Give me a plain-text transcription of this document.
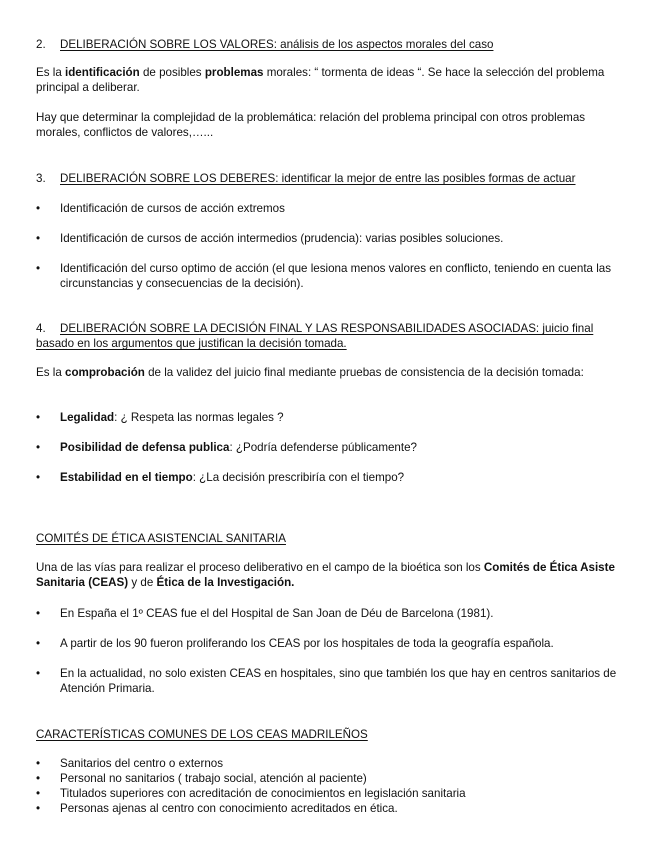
2. DELIBERACIÓN SOBRE LOS VALORES: análisis de los aspectos morales del caso

Es la identificación de posibles problemas morales: “ tormenta de ideas “. Se hace la selección del problema principal a deliberar.

Hay que determinar la complejidad de la problemática: relación del problema principal con otros problemas morales, conflictos de valores,…...

3. DELIBERACIÓN SOBRE LOS DEBERES: identificar la mejor de entre las posibles formas de actuar
•	Identificación de cursos de acción extremos
•	Identificación de cursos de acción intermedios (prudencia): varias posibles soluciones.
•	Identificación del curso optimo de acción (el que lesiona menos valores en conflicto, teniendo en cuenta las circunstancias y consecuencias de la decisión).
4. DELIBERACIÓN SOBRE LA DECISIÓN FINAL Y LAS RESPONSABILIDADES ASOCIADAS: juicio final basado en los argumentos que justifican la decisión tomada.

Es la comprobación de la validez del juicio final mediante pruebas de consistencia de la decisión tomada:

•	Legalidad: ¿ Respeta las normas legales ?
•	Posibilidad de defensa publica: ¿Podría defenderse públicamente?
•	Estabilidad en el tiempo: ¿La decisión prescribiría con el tiempo?
COMITÉS DE ÉTICA ASISTENCIAL SANITARIA

Una de las vías para realizar el proceso deliberativo en el campo de la bioética son los Comités de Ética Asiste Sanitaria (CEAS) y de Ética de la Investigación.

•	En España el 1º CEAS fue el del Hospital de San Joan de Déu de Barcelona (1981).
•	A partir de los 90 fueron proliferando los CEAS por los hospitales de toda la geografía española.
•	En la actualidad, no solo existen CEAS en hospitales, sino que también los que hay en centros sanitarios de Atención Primaria.
CARACTERÍSTICAS COMUNES DE LOS CEAS MADRILEÑOS
•	Sanitarios del centro o externos
•	Personal no sanitarios ( trabajo social, atención al paciente)
•	Titulados superiores con acreditación de conocimientos en legislación sanitaria
•	Personas ajenas al centro con conocimiento acreditados en ética.
